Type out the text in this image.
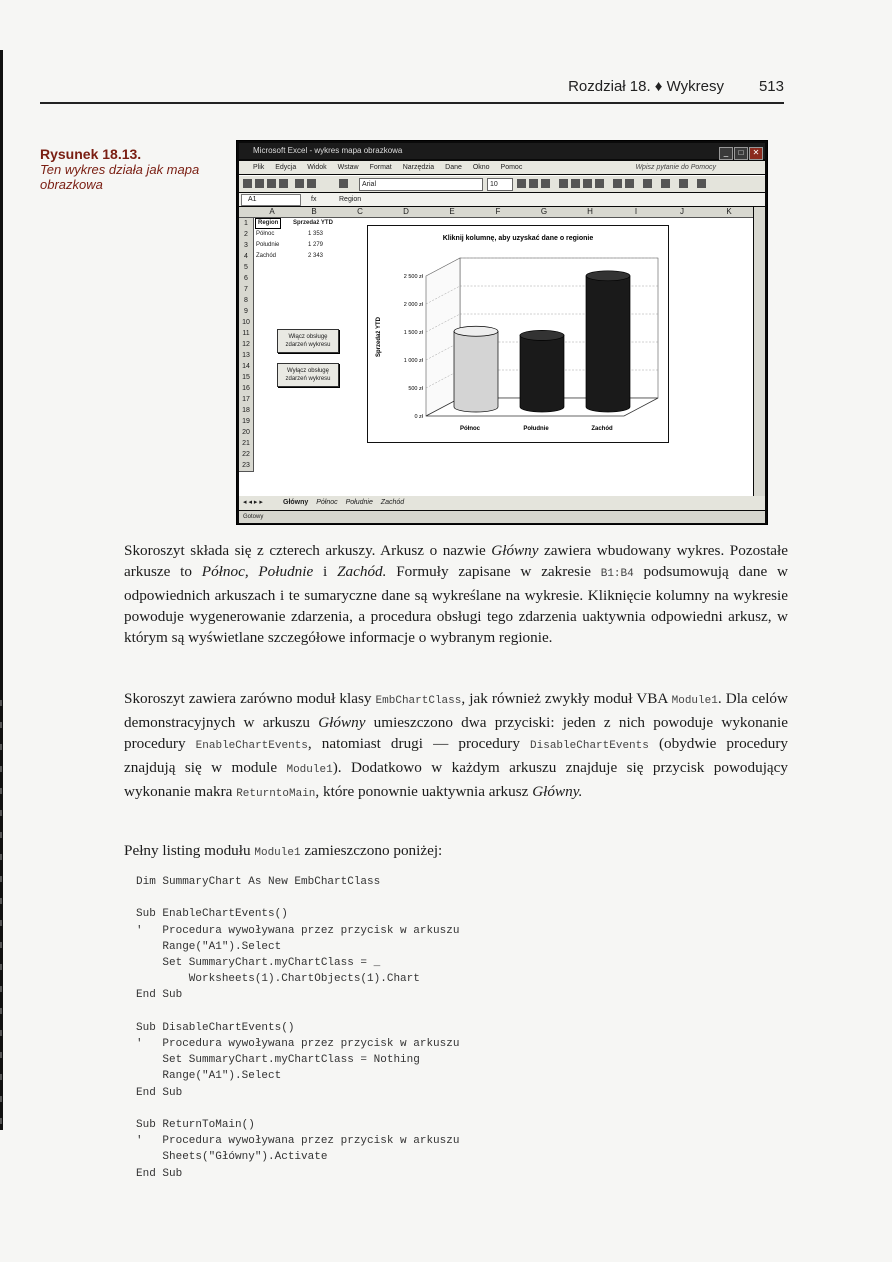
Rozdział 18. ♦ Wykresy 513
Rysunek 18.13.
Ten wykres działa jak mapa obrazkowa
Microsoft Excel - wykres mapa obrazkowa	_ □ ✕
Plik Edycja Widok Wstaw Format Narzędzia Dane Okno Pomoc	Wpisz pytanie do Pomocy
Arial	10
A1	fx	Region
A	B	C	D	E	F	G	H	I	J	K
1
2
3
4
5
6
7
8
9
10
11
12
13
14
15
16
17
18
19
20
21
22
23
Region	Sprzedaż YTD
Północ	1 353
Południe	1 279
Zachód	2 343
Włącz obsługę zdarzeń wykresu
Wyłącz obsługę zdarzeń wykresu
Kliknij kolumnę, aby uzyskać dane o regionie
0 zł
500 zł
1 000 zł
1 500 zł
2 000 zł
2 500 zł
Sprzedaż YTD
Północ	Południe	Zachód
◂ ◂ ▸ ▸	Główny Północ Południe Zachód
Gotowy

Skoroszyt składa się z czterech arkuszy. Arkusz o nazwie Główny zawiera wbudowany wykres. Pozostałe arkusze to Północ, Południe i Zachód. Formuły zapisane w zakresie B1:B4 podsumowują dane w odpowiednich arkuszach i te sumaryczne dane są wykreślane na wykresie. Kliknięcie kolumny na wykresie powoduje wygenerowanie zdarzenia, a procedura obsługi tego zdarzenia uaktywnia odpowiedni arkusz, w którym są wyświetlane szczegółowe informacje o wybranym regionie.

Skoroszyt zawiera zarówno moduł klasy EmbChartClass, jak również zwykły moduł VBA Module1. Dla celów demonstracyjnych w arkuszu Główny umieszczono dwa przyciski: jeden z nich powoduje wykonanie procedury EnableChartEvents, natomiast drugi — procedury DisableChartEvents (obydwie procedury znajdują się w module Module1). Dodatkowo w każdym arkuszu znajduje się przycisk powodujący wykonanie makra ReturntoMain, które ponownie uaktywnia arkusz Główny.

Pełny listing modułu Module1 zamieszczono poniżej:
Dim SummaryChart As New EmbChartClass

Sub EnableChartEvents()
'   Procedura wywoływana przez przycisk w arkuszu
Range("A1").Select
Set SummaryChart.myChartClass = _
Worksheets(1).ChartObjects(1).Chart
End Sub

Sub DisableChartEvents()
'   Procedura wywoływana przez przycisk w arkuszu
Set SummaryChart.myChartClass = Nothing
Range("A1").Select
End Sub

Sub ReturnToMain()
'   Procedura wywoływana przez przycisk w arkuszu
Sheets("Główny").Activate
End Sub
